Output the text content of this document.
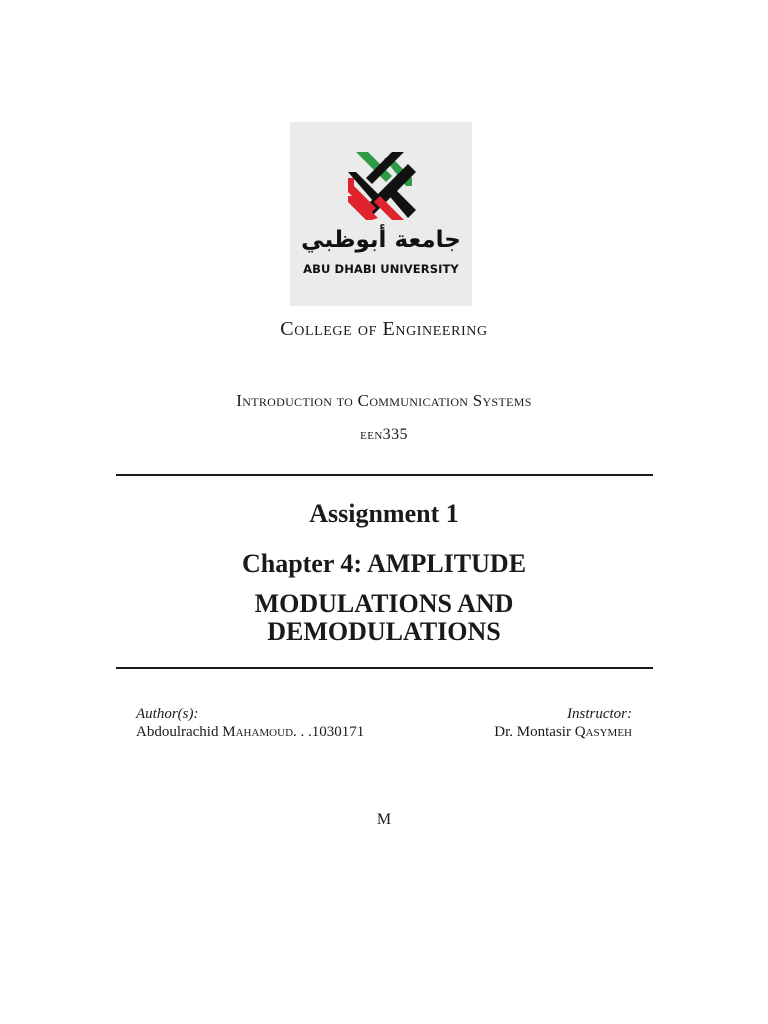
جامعة أبوظبي
ABU DHABI UNIVERSITY
College of Engineering
Introduction to Communication Systems
een335
Assignment 1
Chapter 4: AMPLITUDE
MODULATIONS AND
DEMODULATIONS
Author(s):
Abdoulrachid Mahamoud. . .1030171
Instructor:
Dr. Montasir Qasymeh
M
